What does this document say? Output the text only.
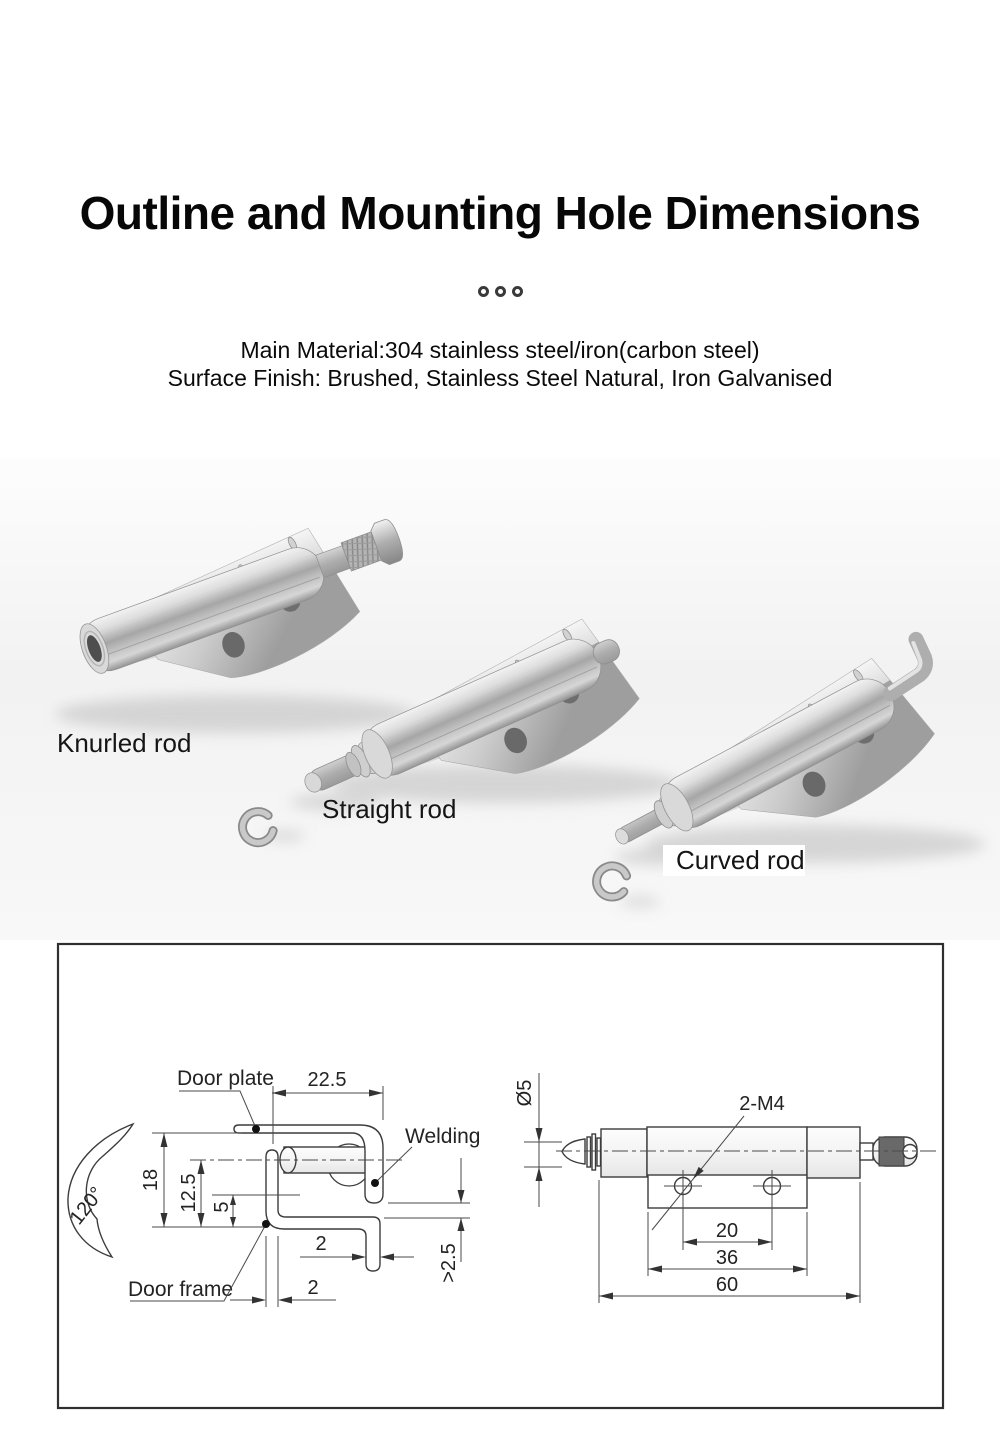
Outline and Mounting Hole Dimensions

Main Material:304 stainless steel/iron(carbon steel)

Surface Finish: Brushed, Stainless Steel Natural, Iron Galvanised

Knurled rod
Straight rod
Curved rod
120°
22.5
18 12.5 5
>2.5
2
2
Door plate
Welding
Door frame
Ø5	2-M4
20
36
60
